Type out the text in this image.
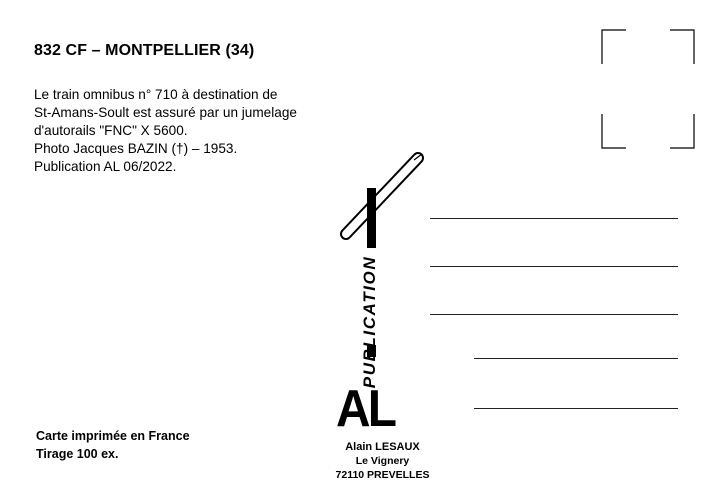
832 CF – MONTPELLIER (34)
Le train omnibus n° 710 à destination de
St-Amans-Soult est assuré par un jumelage
d'autorails "FNC" X 5600.
Photo Jacques BAZIN (†) – 1953.
Publication AL 06/2022.
PUBLICATION
AL
Alain LESAUX
Le Vignery
72110 PREVELLES
Carte imprimée en France
Tirage 100 ex.
